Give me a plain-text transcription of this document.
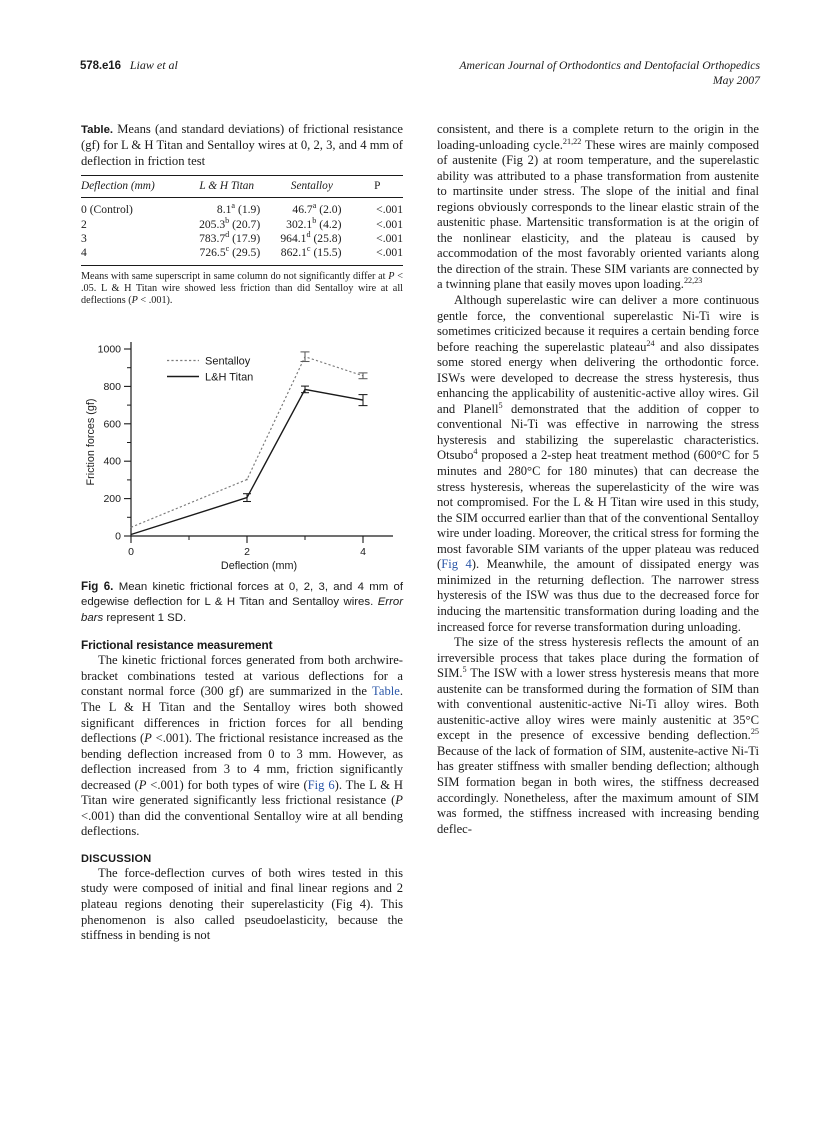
578.e16 Liaw et al	American Journal of Orthodontics and Dentofacial Orthopedics
May 2007

Table. Means (and standard deviations) of frictional resistance (gf) for L & H Titan and Sentalloy wires at 0, 2, 3, and 4 mm of deflection in friction test

Deflection (mm)	L & H Titan	Sentalloy	P
0 (Control)	8.1$^a$ (1.9)	46.7$^a$ (2.0)	<.001
2	205.3$^b$ (20.7)	302.1$^b$ (4.2)	<.001
3	783.7$^d$ (17.9)	964.1$^d$ (25.8)	<.001
4	726.5$^c$ (29.5)	862.1$^c$ (15.5)	<.001

Means with same superscript in same column do not significantly differ at P < .05. L & H Titan wire showed less friction than did Sentalloy wire at all deflections (P < .001).

0
200
400
600
800
1000
Friction forces (gf)
0	2	4
Deflection (mm)
Sentalloy
L&H Titan

Fig 6. Mean kinetic frictional forces at 0, 2, 3, and 4 mm of edgewise deflection for L & H Titan and Sentalloy wires. Error bars represent 1 SD.

Frictional resistance measurement

The kinetic frictional forces generated from both archwire-bracket combinations tested at various deflections for a constant normal force (300 gf) are summarized in the Table. The L & H Titan and the Sentalloy wires both showed significant differences in friction forces for all bending deflections (P <.001). The frictional resistance increased as the bending deflection increased from 0 to 3 mm. However, as deflection increased from 3 to 4 mm, friction significantly decreased (P <.001) for both types of wire (Fig 6). The L & H Titan wire generated significantly less frictional resistance (P <.001) than did the conventional Sentalloy wire at all bending deflections.

DISCUSSION

The force-deflection curves of both wires tested in this study were composed of initial and final linear regions and 2 plateau regions denoting their superelasticity (Fig 4). This phenomenon is also called pseudoelasticity, because the stiffness in bending is not

consistent, and there is a complete return to the origin in the loading-unloading cycle.$^{21,22}$ These wires are mainly composed of austenite (Fig 2) at room temperature, and the superelastic ability was attributed to a phase transformation from austenite to martinsite under stress. The slope of the initial and final regions obviously corresponds to the linear elastic strain of the austenitic phase. Martensitic transformation is at the origin of the nonlinear elasticity, and the plateau is caused by accommodation of the most favorably oriented variants along the direction of the strain. These SIM variants are connected by a twinning plane that easily moves upon loading.$^{22,23}$

Although superelastic wire can deliver a more continuous gentle force, the conventional superelastic Ni-Ti wire is sometimes criticized because it requires a certain bending force before reaching the superelastic plateau$^{24}$ and also dissipates some stored energy when delivering the orthodontic force. ISWs were developed to decrease the stress hysteresis, thus enhancing the applicability of austenitic-active alloy wires. Gil and Planell$^5$ demonstrated that the addition of copper to conventional Ni-Ti was effective in narrowing the stress hysteresis and stabilizing the superelastic characteristics. Otsubo$^4$ proposed a 2-step heat treatment method (600°C for 5 minutes and 280°C for 180 minutes) that can decrease the stress hysteresis, whereas the superelasticity of the wire was not compromised. For the L & H Titan wire used in this study, the SIM occurred earlier than that of the conventional Sentalloy wire under loading. Moreover, the critical stress for forming the most favorable SIM variants of the upper plateau was reduced (Fig 4). Meanwhile, the amount of dissipated energy was minimized in the returning deflection. The narrower stress hysteresis of the ISW was thus due to the decreased force for inducing the martensitic transformation during loading and the increased force for reverse transformation during unloading.

The size of the stress hysteresis reflects the amount of an irreversible process that takes place during the formation of SIM.$^5$ The ISW with a lower stress hysteresis means that more austenite can be transformed during the formation of SIM than with conventional austenitic-active Ni-Ti alloy wires. Both austenitic-active alloy wires were mainly austenitic at 35°C except in the presence of excessive bending deflection.$^{25}$ Because of the lack of formation of SIM, austenite-active Ni-Ti has greater stiffness with smaller bending deflection; although SIM formation began in both wires, the stiffness decreased accordingly. Nonetheless, after the maximum amount of SIM was formed, the stiffness increased with increasing bending deflec-
